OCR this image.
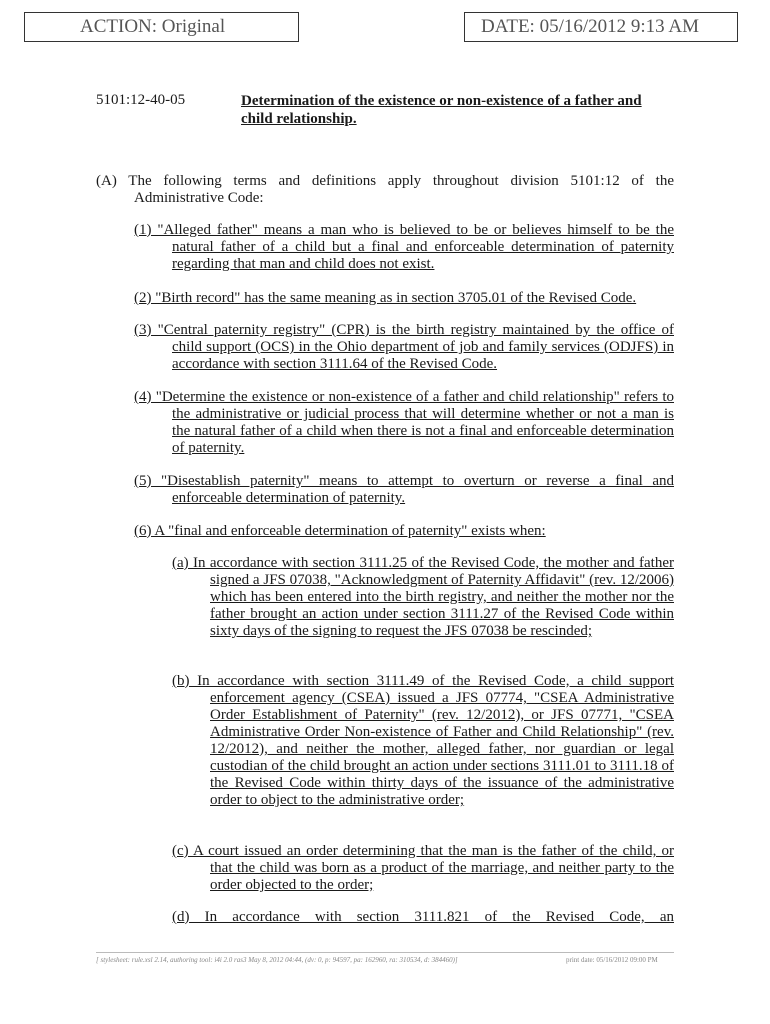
ACTION: Original	DATE: 05/16/2012 9:13 AM
5101:12-40-05	Determination of the existence or non-existence of a father and child relationship.
(A) The following terms and definitions apply throughout division 5101:12 of the Administrative Code:
(1) "Alleged father" means a man who is believed to be or believes himself to be the natural father of a child but a final and enforceable determination of paternity regarding that man and child does not exist.
(2) "Birth record" has the same meaning as in section 3705.01 of the Revised Code.
(3) "Central paternity registry" (CPR) is the birth registry maintained by the office of child support (OCS) in the Ohio department of job and family services (ODJFS) in accordance with section 3111.64 of the Revised Code.
(4) "Determine the existence or non-existence of a father and child relationship" refers to the administrative or judicial process that will determine whether or not a man is the natural father of a child when there is not a final and enforceable determination of paternity.
(5) "Disestablish paternity" means to attempt to overturn or reverse a final and enforceable determination of paternity.
(6) A "final and enforceable determination of paternity" exists when:
(a) In accordance with section 3111.25 of the Revised Code, the mother and father signed a JFS 07038, "Acknowledgment of Paternity Affidavit" (rev. 12/2006) which has been entered into the birth registry, and neither the mother nor the father brought an action under section 3111.27 of the Revised Code within sixty days of the signing to request the JFS 07038 be rescinded;
(b) In accordance with section 3111.49 of the Revised Code, a child support enforcement agency (CSEA) issued a JFS 07774, "CSEA Administrative Order Establishment of Paternity" (rev. 12/2012), or JFS 07771, "CSEA Administrative Order Non-existence of Father and Child Relationship" (rev. 12/2012), and neither the mother, alleged father, nor guardian or legal custodian of the child brought an action under sections 3111.01 to 3111.18 of the Revised Code within thirty days of the issuance of the administrative order to object to the administrative order;
(c) A court issued an order determining that the man is the father of the child, or that the child was born as a product of the marriage, and neither party to the order objected to the order;
(d) In accordance with section 3111.821 of the Revised Code, an
[ stylesheet: rule.xsl 2.14, authoring tool: i4i 2.0 ras3 May 8, 2012 04:44, (dv: 0, p: 94597, pa: 162960, ra: 310534, d: 384460)]	print date: 05/16/2012 09:00 PM
